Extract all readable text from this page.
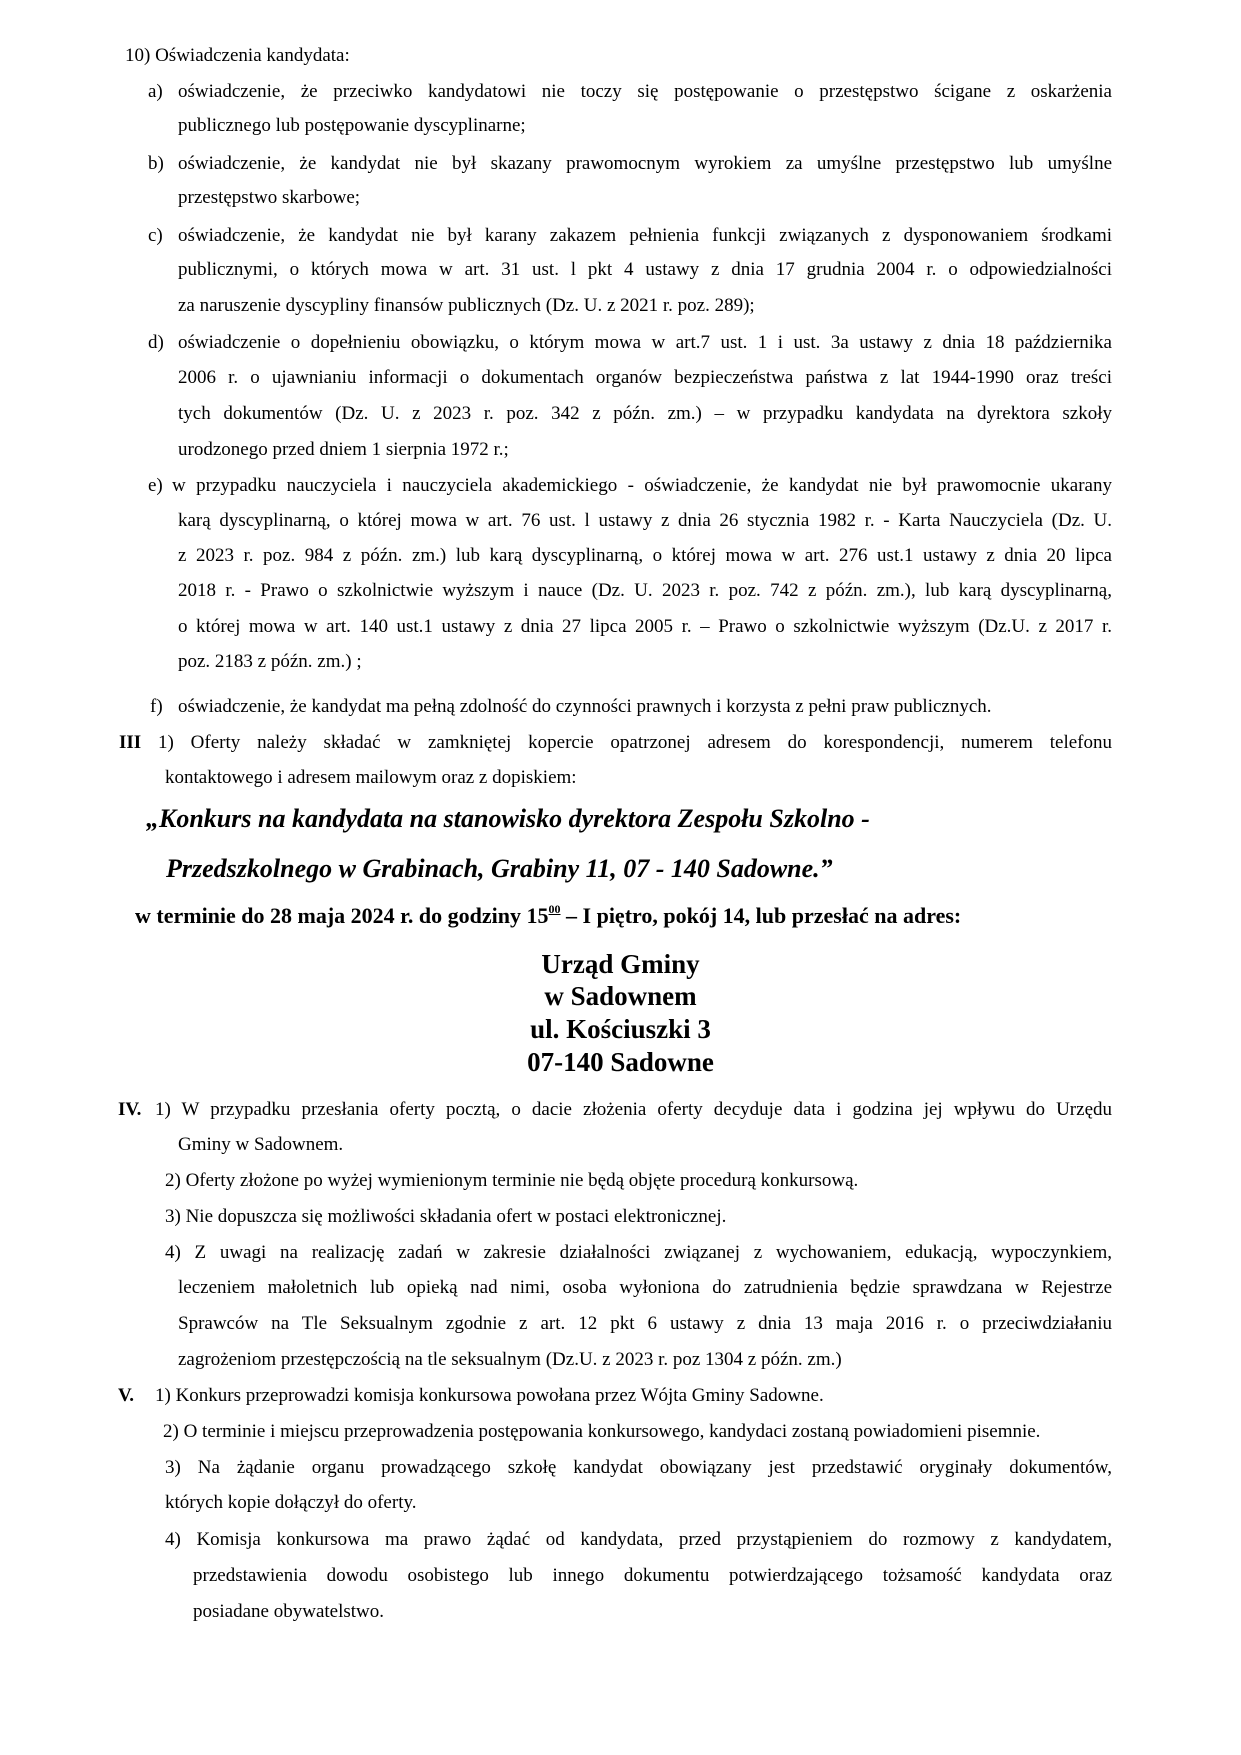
10) Oświadczenia kandydata:
a) oświadczenie, że przeciwko kandydatowi nie toczy się postępowanie o przestępstwo ścigane z oskarżenia
publicznego lub postępowanie dyscyplinarne;
b) oświadczenie, że kandydat nie był skazany prawomocnym wyrokiem za umyślne przestępstwo lub umyślne
przestępstwo skarbowe;
c) oświadczenie, że kandydat nie był karany zakazem pełnienia funkcji związanych z dysponowaniem środkami
publicznymi, o których mowa w art. 31 ust. l pkt 4 ustawy z dnia 17 grudnia 2004 r. o odpowiedzialności
za naruszenie dyscypliny finansów publicznych (Dz. U. z 2021 r. poz. 289);
d) oświadczenie o dopełnieniu obowiązku, o którym mowa w art.7 ust. 1 i ust. 3a ustawy z dnia 18 października
2006 r. o ujawnianiu informacji o dokumentach organów bezpieczeństwa państwa z lat 1944-1990 oraz treści
tych dokumentów (Dz. U. z 2023 r. poz. 342 z późn. zm.) – w przypadku kandydata na dyrektora szkoły
urodzonego przed dniem 1 sierpnia 1972 r.;
e) w przypadku nauczyciela i nauczyciela akademickiego - oświadczenie, że kandydat nie był prawomocnie ukarany
karą dyscyplinarną, o której mowa w art. 76 ust. l ustawy z dnia 26 stycznia 1982 r. - Karta Nauczyciela (Dz. U.
z 2023 r. poz. 984 z późn. zm.) lub karą dyscyplinarną, o której mowa w art. 276 ust.1 ustawy z dnia 20 lipca
2018 r. - Prawo o szkolnictwie wyższym i nauce (Dz. U. 2023 r. poz. 742 z późn. zm.), lub karą dyscyplinarną,
o której mowa w art. 140 ust.1 ustawy z dnia 27 lipca 2005 r. – Prawo o szkolnictwie wyższym (Dz.U. z 2017 r.
poz. 2183 z późn. zm.) ;
f) oświadczenie, że kandydat ma pełną zdolność do czynności prawnych i korzysta z pełni praw publicznych.
III 1) Oferty należy składać w zamkniętej kopercie opatrzonej adresem do korespondencji, numerem telefonu
kontaktowego i adresem mailowym oraz z dopiskiem:
„Konkurs na kandydata na stanowisko dyrektora Zespołu Szkolno -
Przedszkolnego w Grabinach, Grabiny 11, 07 - 140 Sadowne.”
w terminie do 28 maja 2024 r. do godziny $15^{00}$ – I piętro, pokój 14, lub przesłać na adres:
Urząd Gminy
w Sadownem
ul. Kościuszki 3
07-140 Sadowne
IV. 1) W przypadku przesłania oferty pocztą, o dacie złożenia oferty decyduje data i godzina jej wpływu do Urzędu
Gminy w Sadownem.
2) Oferty złożone po wyżej wymienionym terminie nie będą objęte procedurą konkursową.
3) Nie dopuszcza się możliwości składania ofert w postaci elektronicznej.
4) Z uwagi na realizację zadań w zakresie działalności związanej z wychowaniem, edukacją, wypoczynkiem,
leczeniem małoletnich lub opieką nad nimi, osoba wyłoniona do zatrudnienia będzie sprawdzana w Rejestrze
Sprawców na Tle Seksualnym zgodnie z art. 12 pkt 6 ustawy z dnia 13 maja 2016 r. o przeciwdziałaniu
zagrożeniom przestępczością na tle seksualnym (Dz.U. z 2023 r. poz 1304 z późn. zm.)
V. 1) Konkurs przeprowadzi komisja konkursowa powołana przez Wójta Gminy Sadowne.
2) O terminie i miejscu przeprowadzenia postępowania konkursowego, kandydaci zostaną powiadomieni pisemnie.
3) Na żądanie organu prowadzącego szkołę kandydat obowiązany jest przedstawić oryginały dokumentów,
których kopie dołączył do oferty.
4) Komisja konkursowa ma prawo żądać od kandydata, przed przystąpieniem do rozmowy z kandydatem,
przedstawienia dowodu osobistego lub innego dokumentu potwierdzającego tożsamość kandydata oraz
posiadane obywatelstwo.
